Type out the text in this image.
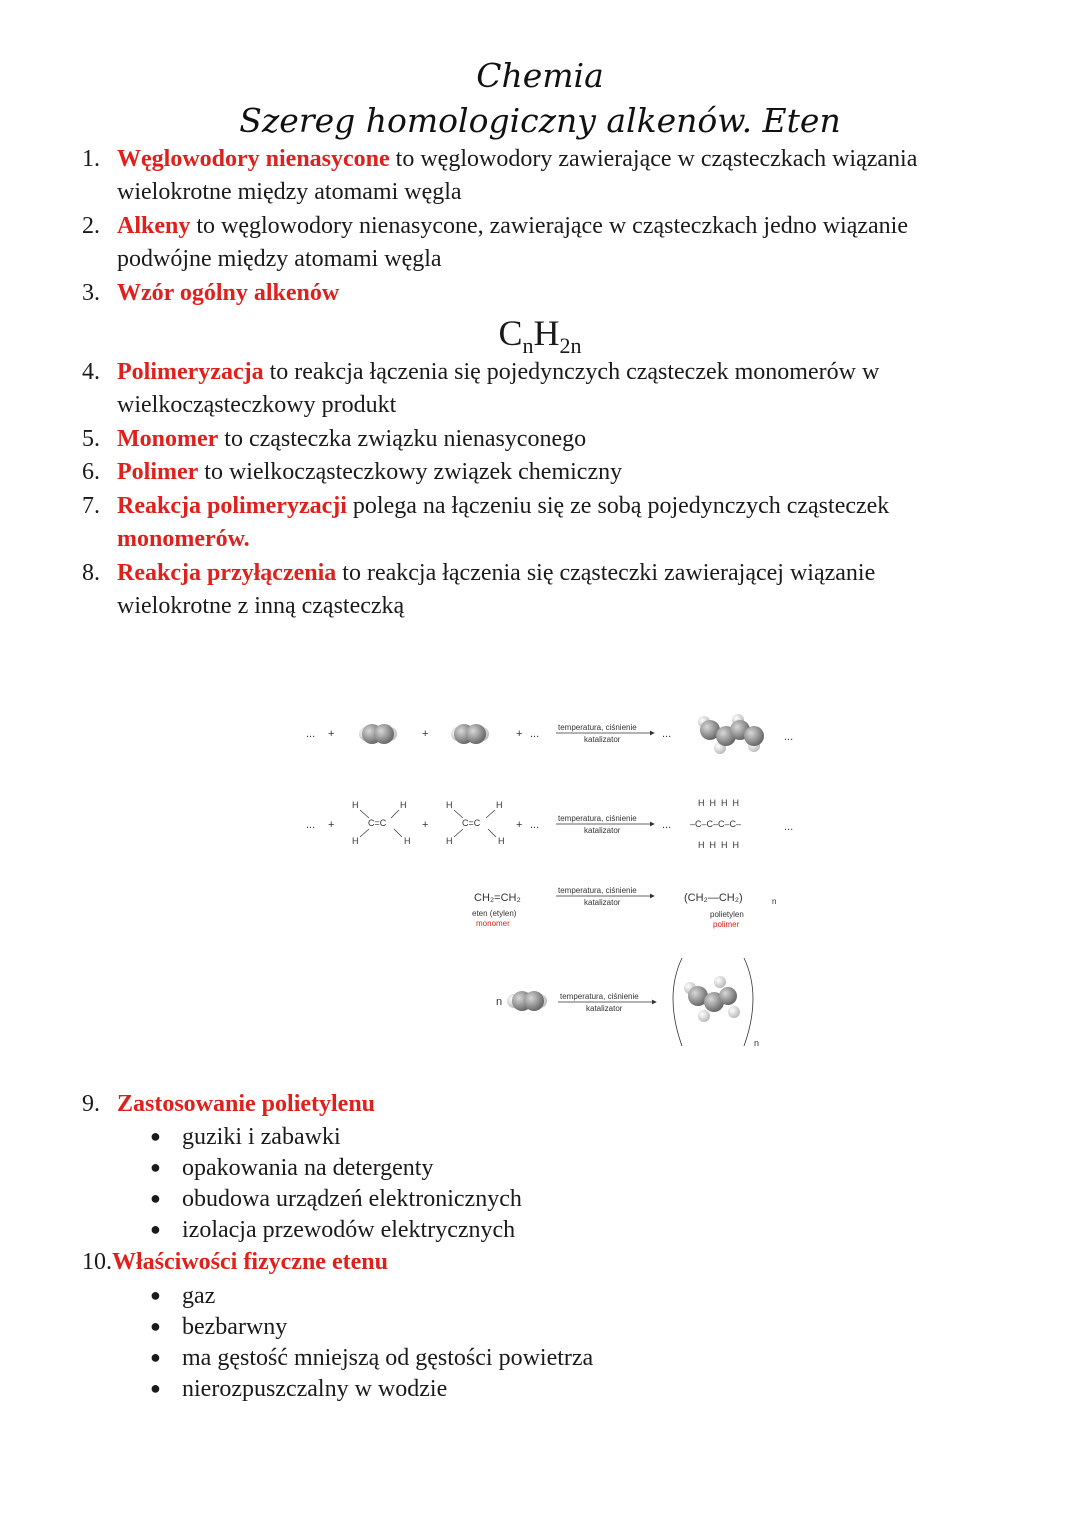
Chemia
Szereg homologiczny alkenów. Eten
1. Węglowodory nienasycone to węglowodory zawierające w cząsteczkach wiązania
wielokrotne między atomami węgla
2. Alkeny to węglowodory nienasycone, zawierające w cząsteczkach jedno wiązanie
podwójne między atomami węgla
3. Wzór ogólny alkenów
$C_nH_{2n}$
4. Polimeryzacja to reakcja łączenia się pojedynczych cząsteczek monomerów w
wielkocząsteczkowy produkt
5. Monomer to cząsteczka związku nienasyconego
6. Polimer to wielkocząsteczkowy związek chemiczny
7. Reakcja polimeryzacji polega na łączeniu się ze sobą pojedynczych cząsteczek
monomerów.
8. Reakcja przyłączenia to reakcja łączenia się cząsteczki zawierającej wiązanie
wielokrotne z inną cząsteczką
... +	+	+ ...
temperatura, ciśnienie
katalizator	...	...
... +
H	H
C=C
H	H
+
H	H
C=C
H	H
+ ...
temperatura, ciśnienie
katalizator	...
H  H  H  H
–C–C–C–C–
H  H  H  H
...
CH₂=CH₂
eten (etylen)
monomer
temperatura, ciśnienie
katalizator	(CH₂—CH₂)	n
polietylen
polimer
n	temperatura, ciśnienie
katalizator
n
9. Zastosowanie polietylenu
● guziki i zabawki
● opakowania na detergenty
● obudowa urządzeń elektronicznych
● izolacja przewodów elektrycznych
10.Właściwości fizyczne etenu
● gaz
● bezbarwny
● ma gęstość mniejszą od gęstości powietrza
● nierozpuszczalny w wodzie
